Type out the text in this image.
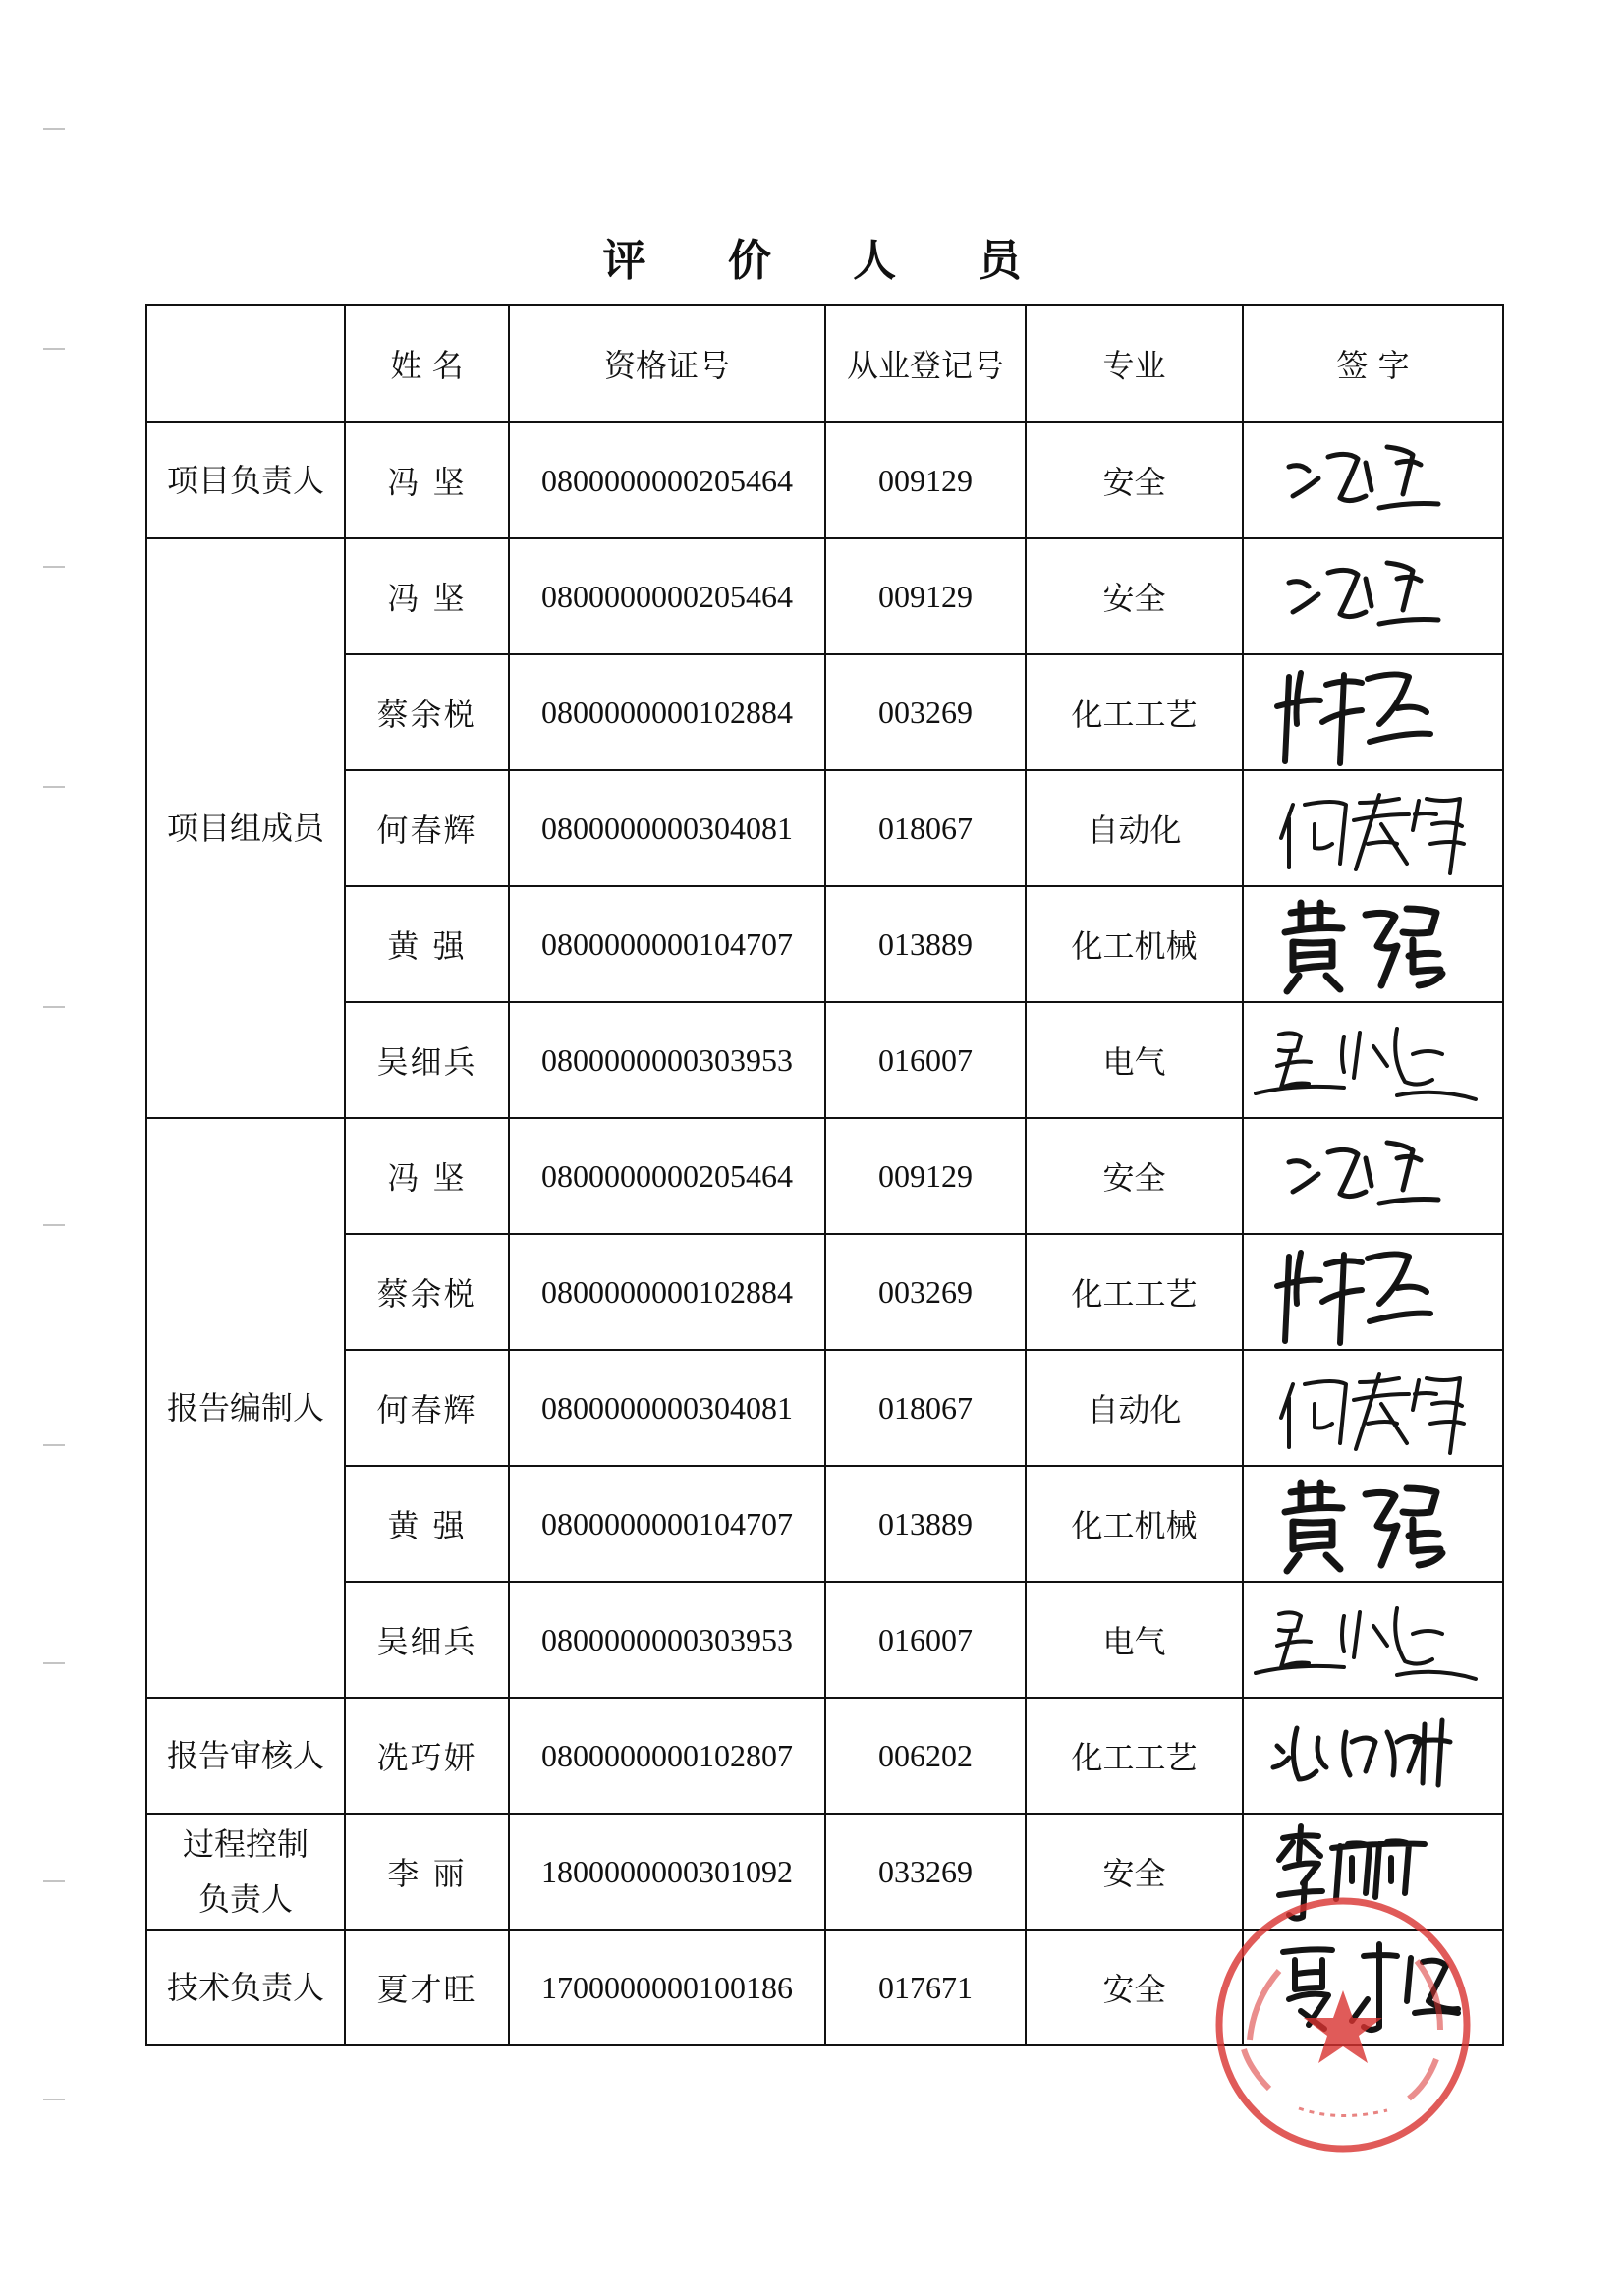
评 价 人 员
	姓 名	资格证号	从业登记号	专业	签 字
项目负责人	冯 坚	0800000000205464	009129	安全	

项目组成员	冯 坚	0800000000205464	009129	安全	

	蔡余棁	0800000000102884	003269	化工工艺	

	何春辉	0800000000304081	018067	自动化	

	黄 强	0800000000104707	013889	化工机械	

	吴细兵	0800000000303953	016007	电气	

报告编制人	冯 坚	0800000000205464	009129	安全	

	蔡余棁	0800000000102884	003269	化工工艺	

	何春辉	0800000000304081	018067	自动化	

	黄 强	0800000000104707	013889	化工机械	

	吴细兵	0800000000303953	016007	电气	

报告审核人	冼巧妍	0800000000102807	006202	化工工艺	

过程控制
负责人	李 丽	1800000000301092	033269	安全	

技术负责人	夏才旺	1700000000100186	017671	安全	
